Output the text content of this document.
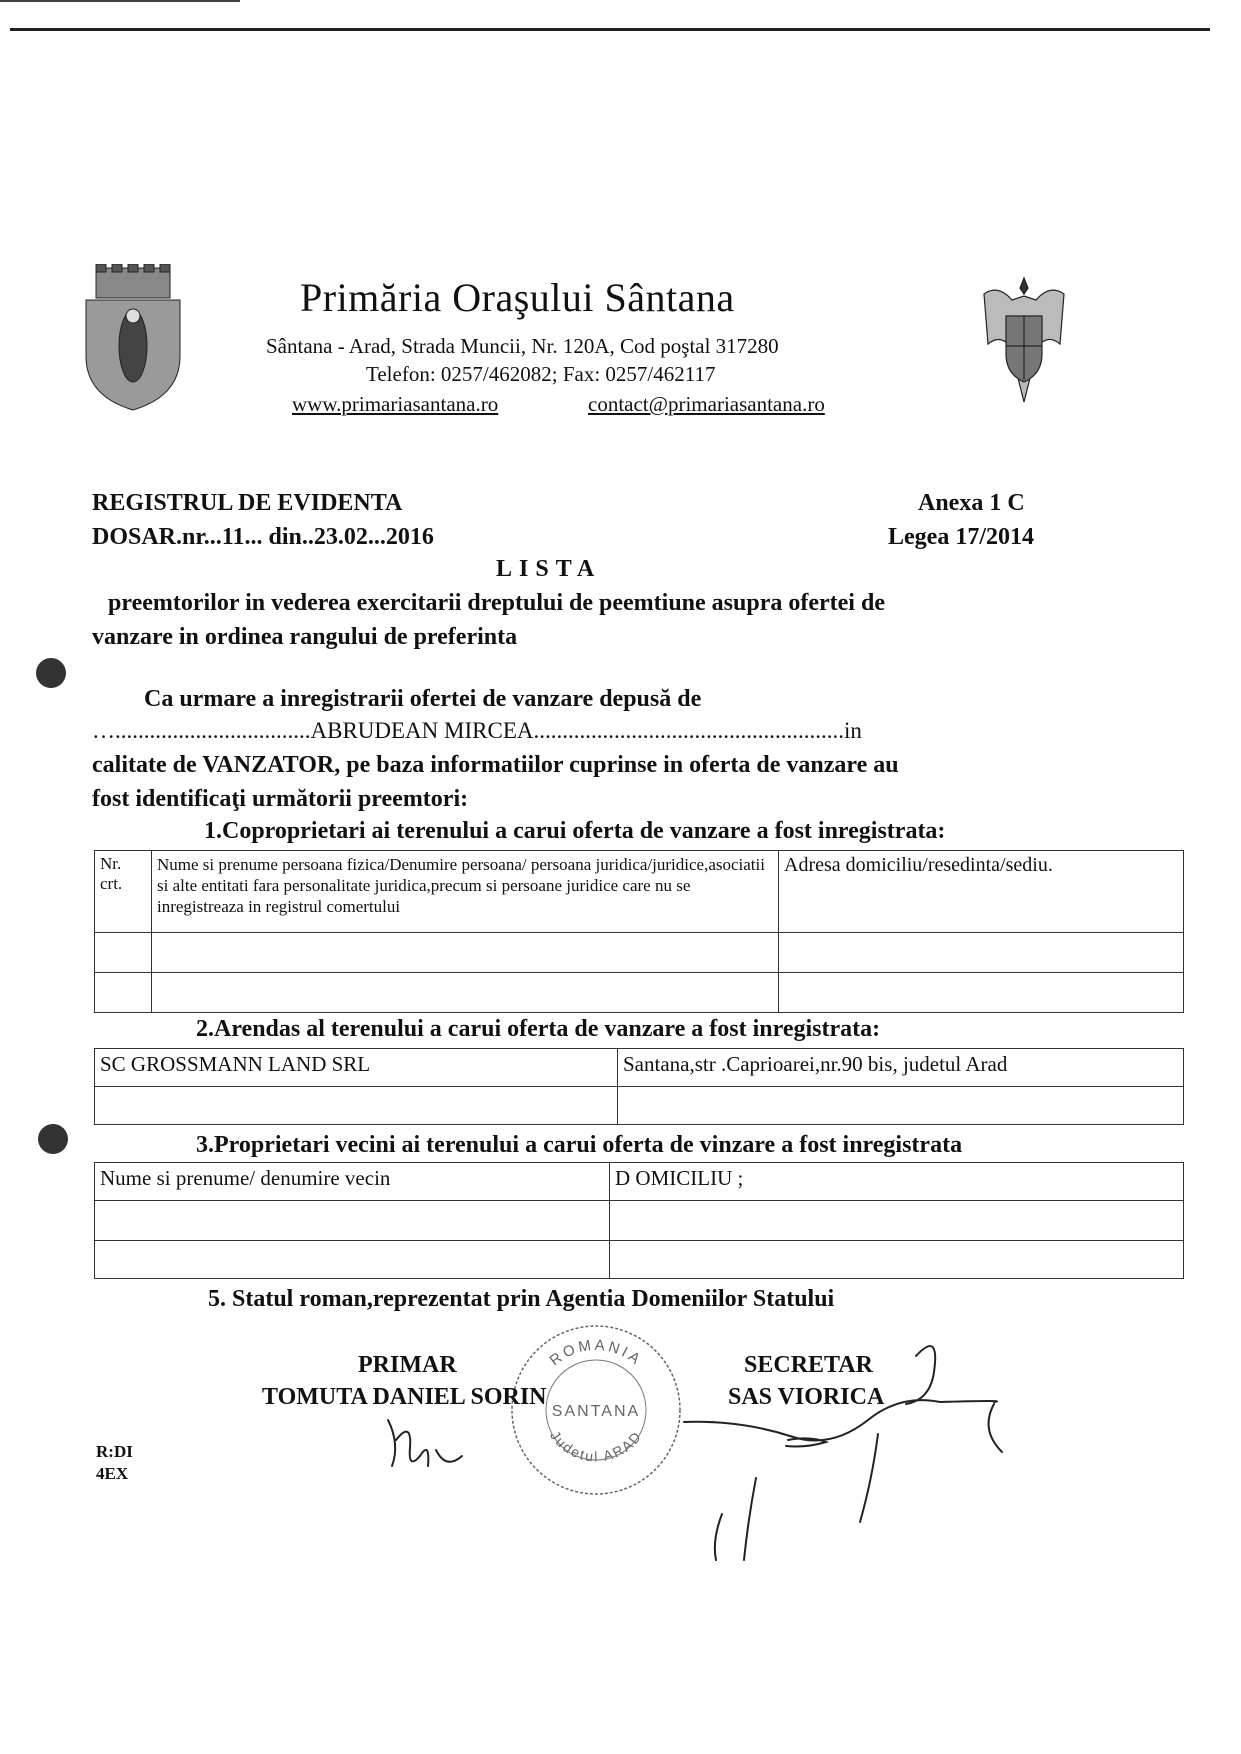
Primăria Oraşului Sântana
Sântana - Arad, Strada Muncii, Nr. 120A, Cod poştal 317280
Telefon: 0257/462082; Fax: 0257/462117
www.primariasantana.ro	contact@primariasantana.ro
REGISTRUL DE EVIDENTA
DOSAR.nr...11... din..23.02...2016
Anexa 1 C
Legea 17/2014
LISTA
preemtorilor in vederea exercitarii dreptului de peemtiune asupra ofertei de
vanzare in ordinea rangului de preferinta
Ca urmare a inregistrarii ofertei de vanzare depusă de
…..................................ABRUDEAN MIRCEA......................................................in
calitate de VANZATOR, pe baza informatiilor cuprinse in oferta de vanzare au
fost identificaţi următorii preemtori:
1.Coproprietari ai terenului a carui oferta de vanzare a fost inregistrata:
Nr. crt.	Nume si prenume persoana fizica/Denumire persoana/ persoana juridica/juridice,asociatii si alte entitati fara personalitate juridica,precum si persoane juridice care nu se inregistreaza in registrul comertului	Adresa domiciliu/resedinta/sediu.

2.Arendas al terenului a carui oferta de vanzare a fost inregistrata:
SC GROSSMANN LAND SRL	Santana,str .Caprioarei,nr.90 bis, judetul Arad

3.Proprietari vecini ai terenului a carui oferta de vinzare a fost inregistrata
Nume si prenume/ denumire vecin	D OMICILIU ;

5. Statul roman,reprezentat prin Agentia Domeniilor Statului
ROMANIA
SANTANA
Judetul ARAD
PRIMAR
TOMUTA DANIEL SORIN
SECRETAR
SAS VIORICA
R:DI
4EX
